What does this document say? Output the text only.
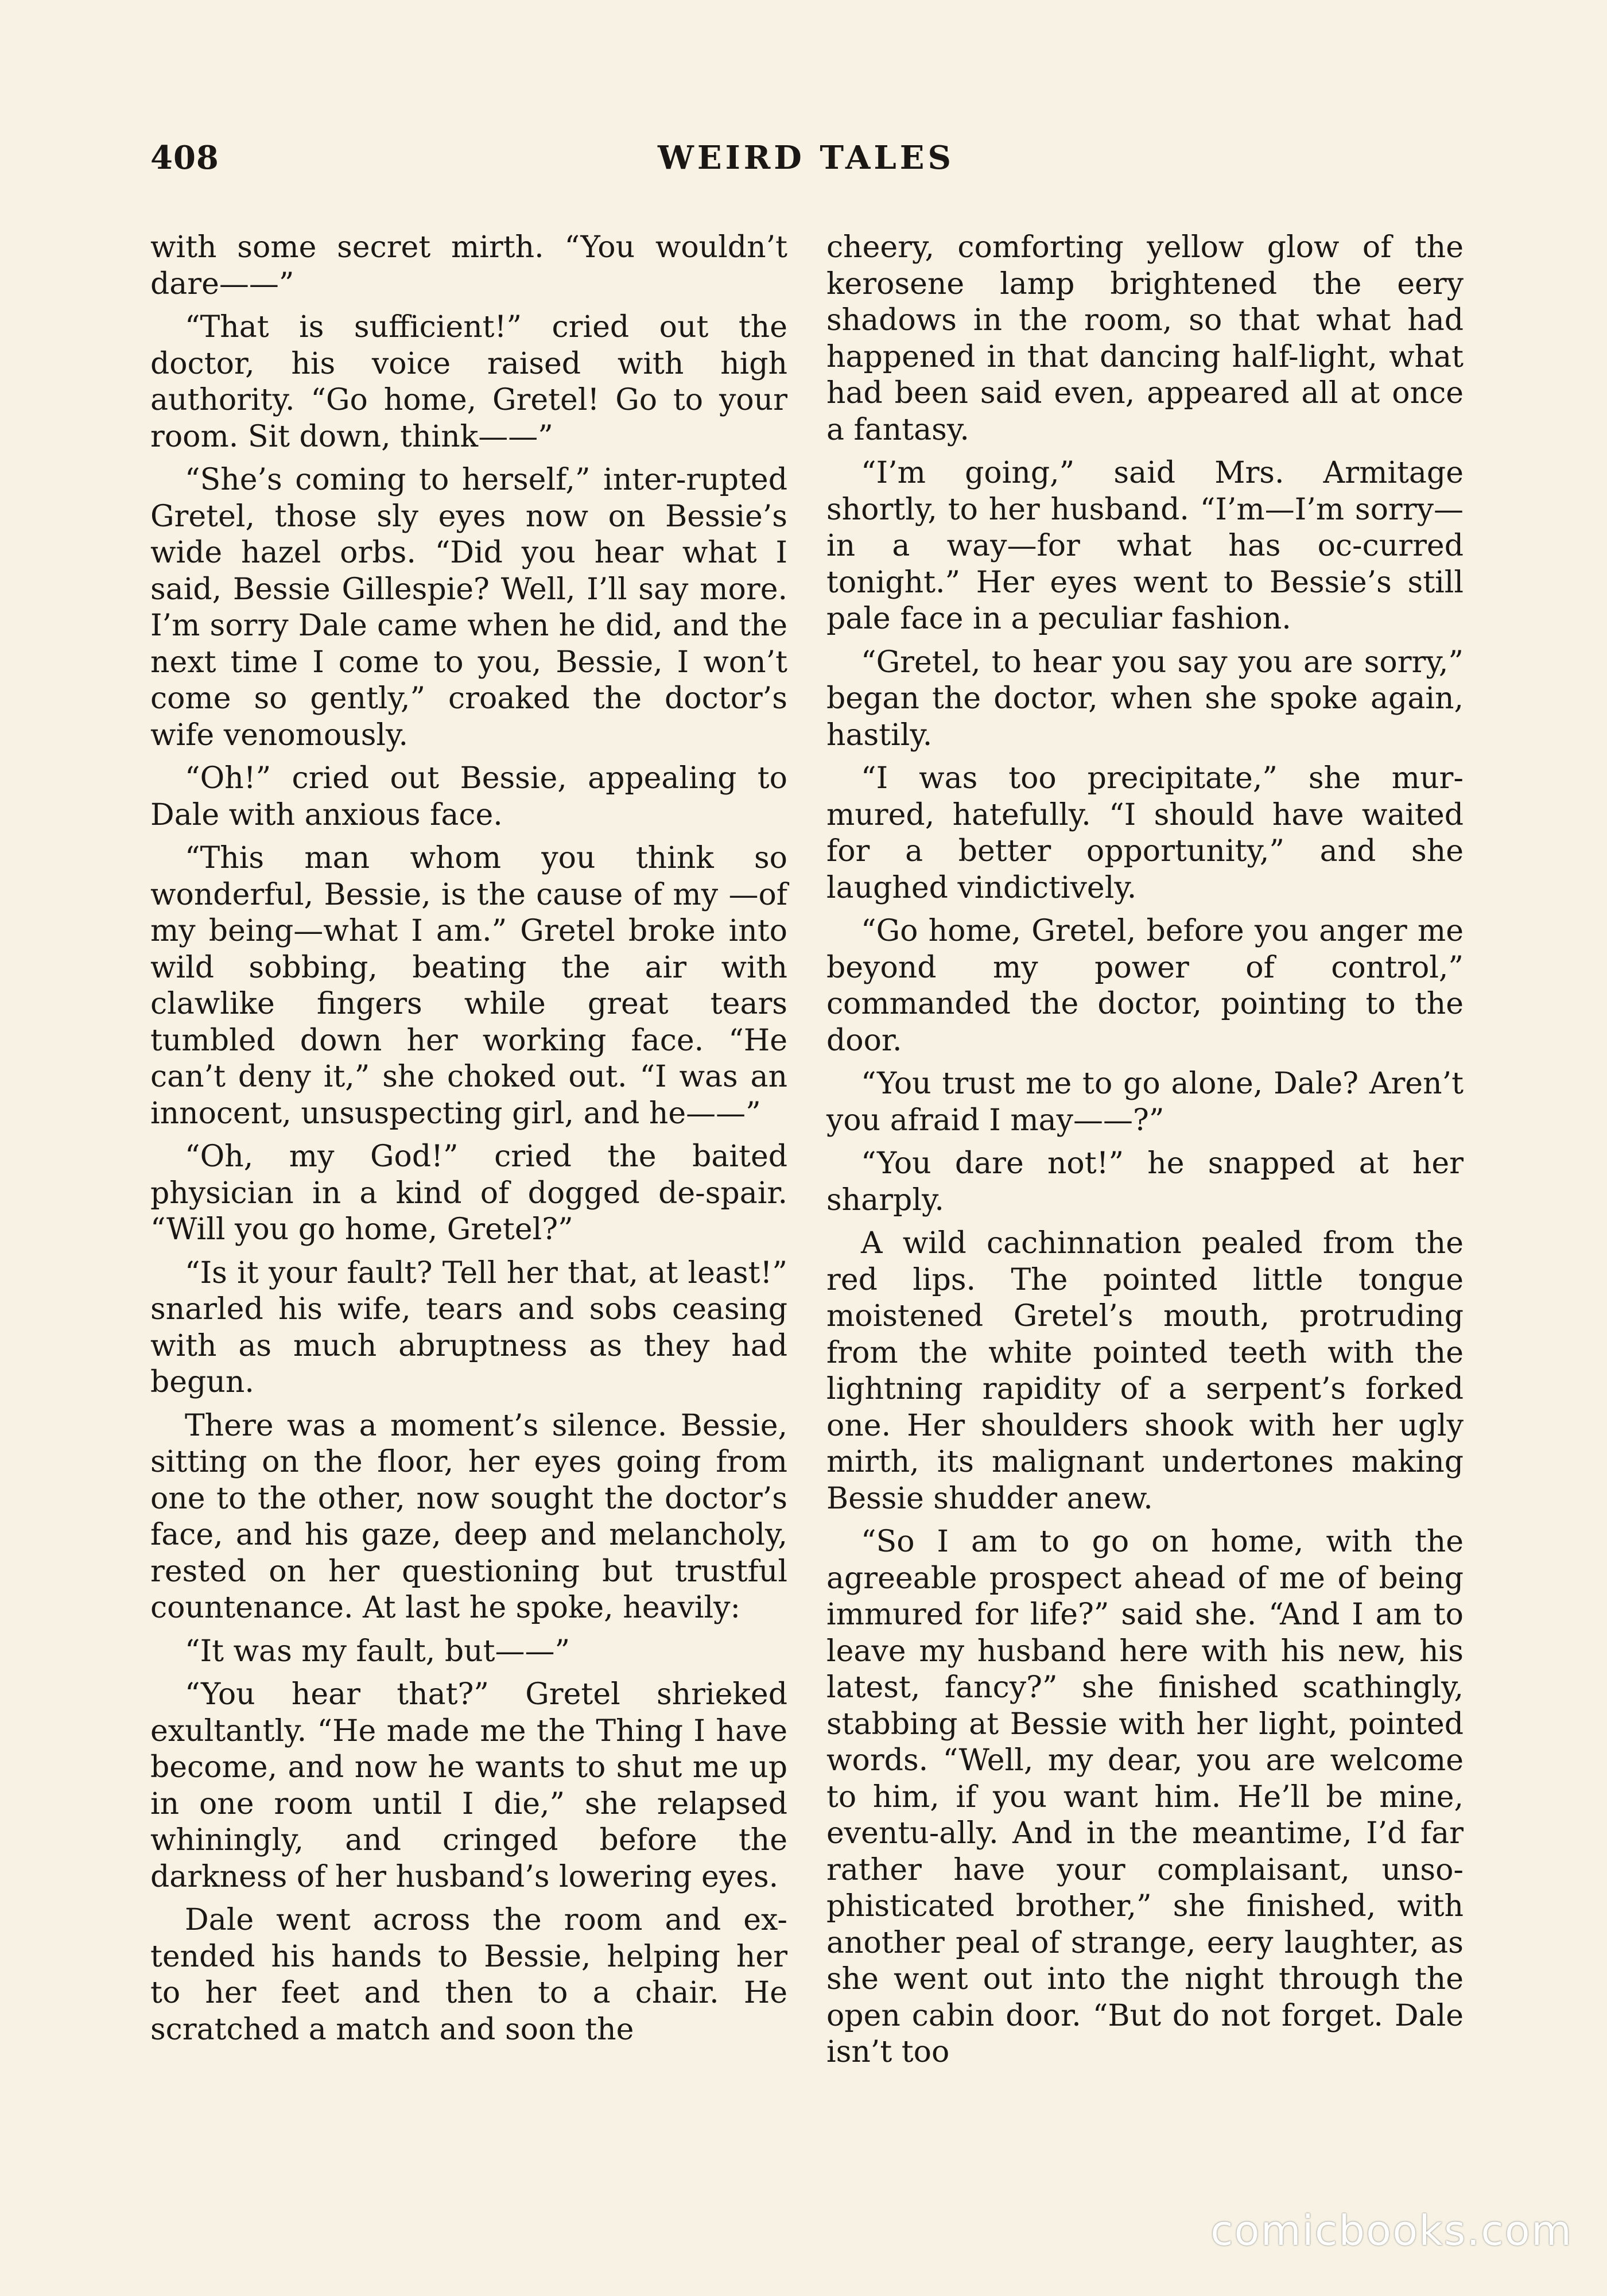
408	WEIRD TALES

with some secret mirth. “You wouldn’t dare——”

“That is sufficient!” cried out the doctor, his voice raised with high authority. “Go home, Gretel! Go to your room. Sit down, think——”

“She’s coming to herself,” inter-rupted Gretel, those sly eyes now on Bessie’s wide hazel orbs. “Did you hear what I said, Bessie Gillespie? Well, I’ll say more. I’m sorry Dale came when he did, and the next time I come to you, Bessie, I won’t come so gently,” croaked the doctor’s wife venomously.

“Oh!” cried out Bessie, appealing to Dale with anxious face.

“This man whom you think so wonderful, Bessie, is the cause of my —of my being—what I am.” Gretel broke into wild sobbing, beating the air with clawlike fingers while great tears tumbled down her working face. “He can’t deny it,” she choked out. “I was an innocent, unsuspecting girl, and he——”

“Oh, my God!” cried the baited physician in a kind of dogged de-spair. “Will you go home, Gretel?”

“Is it your fault? Tell her that, at least!” snarled his wife, tears and sobs ceasing with as much abruptness as they had begun.

There was a moment’s silence. Bessie, sitting on the floor, her eyes going from one to the other, now sought the doctor’s face, and his gaze, deep and melancholy, rested on her questioning but trustful countenance. At last he spoke, heavily:

“It was my fault, but——”

“You hear that?” Gretel shrieked exultantly. “He made me the Thing I have become, and now he wants to shut me up in one room until I die,” she relapsed whiningly, and cringed before the darkness of her husband’s lowering eyes.

Dale went across the room and ex-tended his hands to Bessie, helping her to her feet and then to a chair. He scratched a match and soon the

cheery, comforting yellow glow of the kerosene lamp brightened the eery shadows in the room, so that what had happened in that dancing half-light, what had been said even, appeared all at once a fantasy.

“I’m going,” said Mrs. Armitage shortly, to her husband. “I’m—I’m sorry—in a way—for what has oc-curred tonight.” Her eyes went to Bessie’s still pale face in a peculiar fashion.

“Gretel, to hear you say you are sorry,” began the doctor, when she spoke again, hastily.

“I was too precipitate,” she mur-mured, hatefully. “I should have waited for a better opportunity,” and she laughed vindictively.

“Go home, Gretel, before you anger me beyond my power of control,” commanded the doctor, pointing to the door.

“You trust me to go alone, Dale? Aren’t you afraid I may——?”

“You dare not!” he snapped at her sharply.

A wild cachinnation pealed from the red lips. The pointed little tongue moistened Gretel’s mouth, protruding from the white pointed teeth with the lightning rapidity of a serpent’s forked one. Her shoulders shook with her ugly mirth, its malignant undertones making Bessie shudder anew.

“So I am to go on home, with the agreeable prospect ahead of me of being immured for life?” said she. “And I am to leave my husband here with his new, his latest, fancy?” she finished scathingly, stabbing at Bessie with her light, pointed words. “Well, my dear, you are welcome to him, if you want him. He’ll be mine, eventu-ally. And in the meantime, I’d far rather have your complaisant, unso-phisticated brother,” she finished, with another peal of strange, eery laughter, as she went out into the night through the open cabin door. “But do not forget. Dale isn’t too

comicbooks.com
